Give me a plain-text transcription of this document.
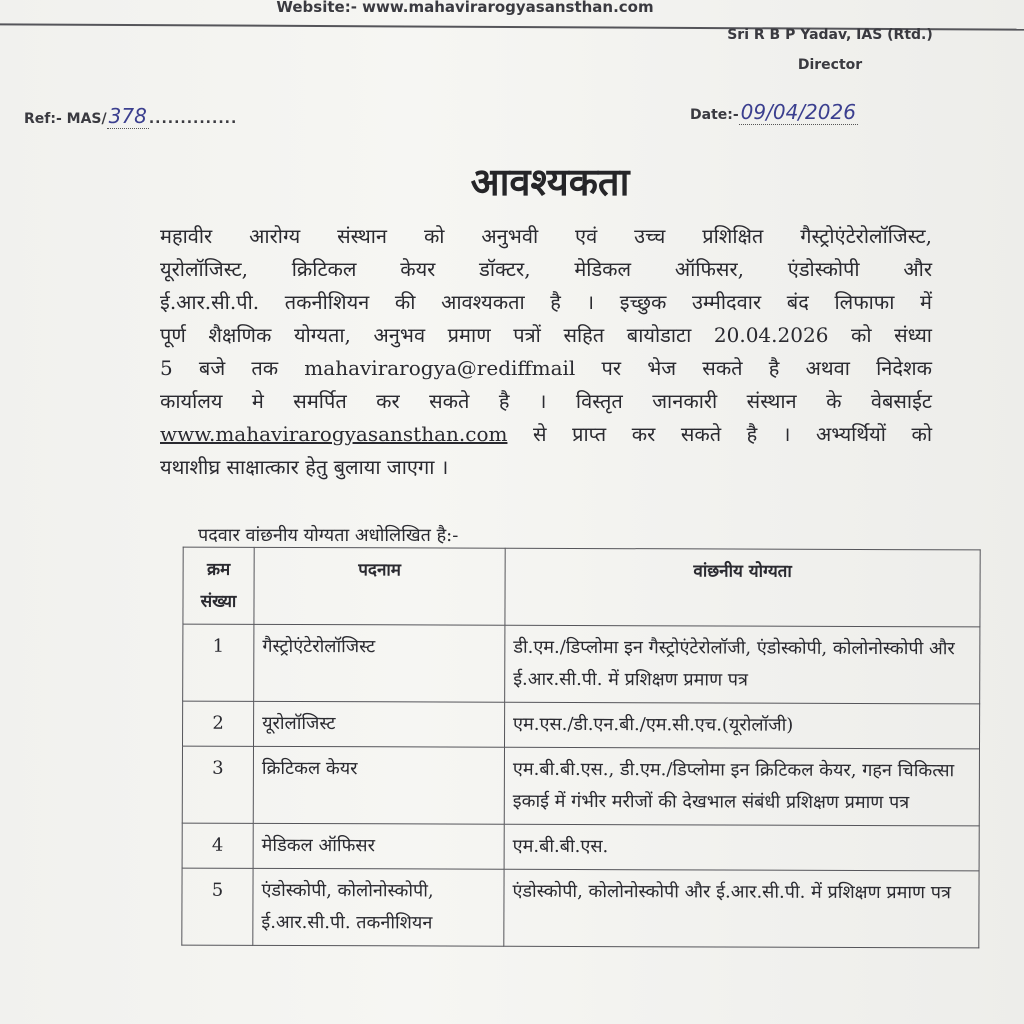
Website:- www.mahavirarogyasansthan.com
Sri R B P Yadav, IAS (Rtd.)
Director
Ref:- MAS/ 378 ..............	Date:- 09/04/2026
आवश्यकता
महावीर आरोग्य संस्थान को अनुभवी एवं उच्च प्रशिक्षित गैस्ट्रोएंटेरोलॉजिस्ट,
यूरोलॉजिस्ट, क्रिटिकल केयर डॉक्टर, मेडिकल ऑफिसर, एंडोस्कोपी और
ई.आर.सी.पी. तकनीशियन की आवश्यकता है । इच्छुक उम्मीदवार बंद लिफाफा में
पूर्ण शैक्षणिक योग्यता, अनुभव प्रमाण पत्रों सहित बायोडाटा 20.04.2026 को संध्या
5 बजे तक mahavirarogya@rediffmail पर भेज सकते है अथवा निदेशक
कार्यालय मे समर्पित कर सकते है । विस्तृत जानकारी संस्थान के वेबसाईट
www.mahavirarogyasansthan.com से प्राप्त कर सकते है । अभ्यर्थियों को
यथाशीघ्र साक्षात्कार हेतु बुलाया जाएगा ।
पदवार वांछनीय योग्यता अधोलिखित है:-
क्रम संख्या	पदनाम	वांछनीय योग्यता
1	गैस्ट्रोएंटेरोलॉजिस्ट	डी.एम./डिप्लोमा इन गैस्ट्रोएंटेरोलॉजी, एंडोस्कोपी, कोलोनोस्कोपी और ई.आर.सी.पी. में प्रशिक्षण प्रमाण पत्र
2	यूरोलॉजिस्ट	एम.एस./डी.एन.बी./एम.सी.एच.(यूरोलॉजी)
3	क्रिटिकल केयर	एम.बी.बी.एस., डी.एम./डिप्लोमा इन क्रिटिकल केयर, गहन चिकित्सा इकाई में गंभीर मरीजों की देखभाल संबंधी प्रशिक्षण प्रमाण पत्र
4	मेडिकल ऑफिसर	एम.बी.बी.एस.
5	एंडोस्कोपी, कोलोनोस्कोपी, ई.आर.सी.पी. तकनीशियन	एंडोस्कोपी, कोलोनोस्कोपी और ई.आर.सी.पी. में प्रशिक्षण प्रमाण पत्र
